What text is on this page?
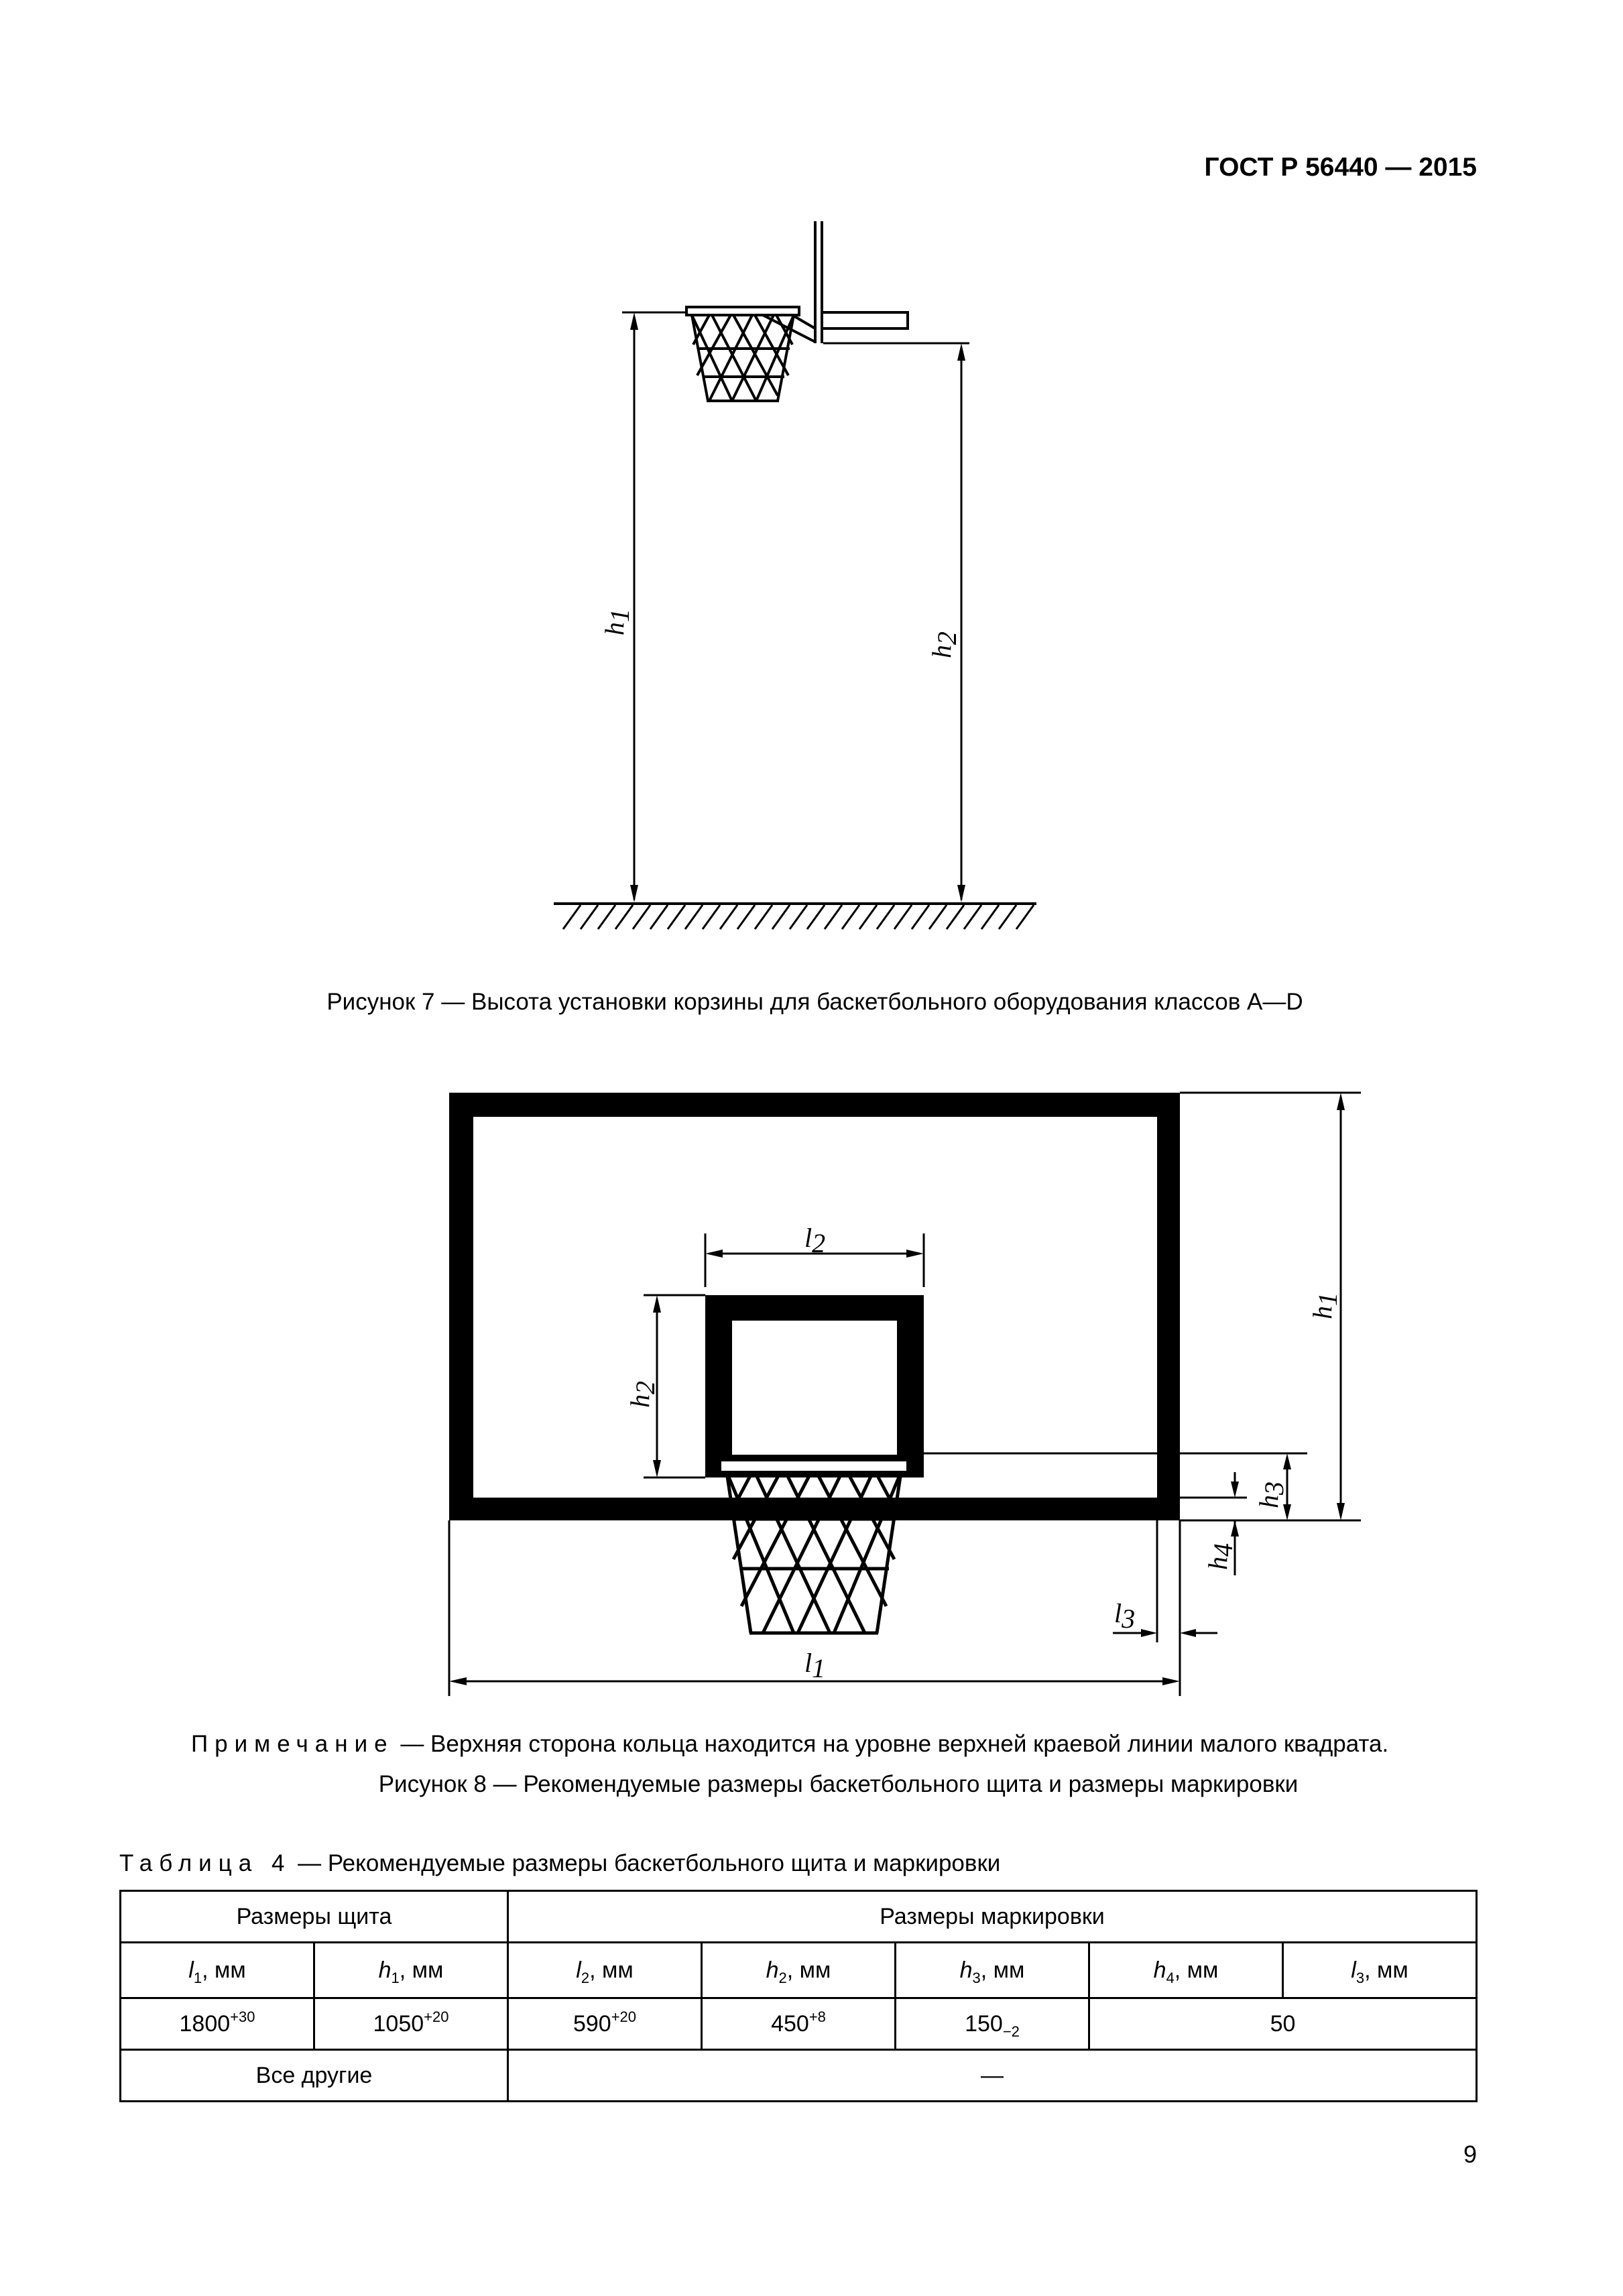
ГОСТ Р 56440 — 2015
h1
h2
Рисунок 7 — Высота установки корзины для баскетбольного оборудования классов А—D
l2
h2
h1
h3
h4
l3
l1
Примечание — Верхняя сторона кольца находится на уровне верхней краевой линии малого квадрата.
Рисунок 8 — Рекомендуемые размеры баскетбольного щита и размеры маркировки
Таблица 4 — Рекомендуемые размеры баскетбольного щита и маркировки
Размеры щита		Размеры маркировки				
$l_1$, мм	$h_1$, мм	$l_2$, мм	$h_2$, мм	$h_3$, мм	$h_4$, мм	$l_3$, мм
$1800^{+30}$	$1050^{+20}$	$590^{+20}$	$450^{+8}$	$150_{-2}$	50	
Все другие		—				
9
